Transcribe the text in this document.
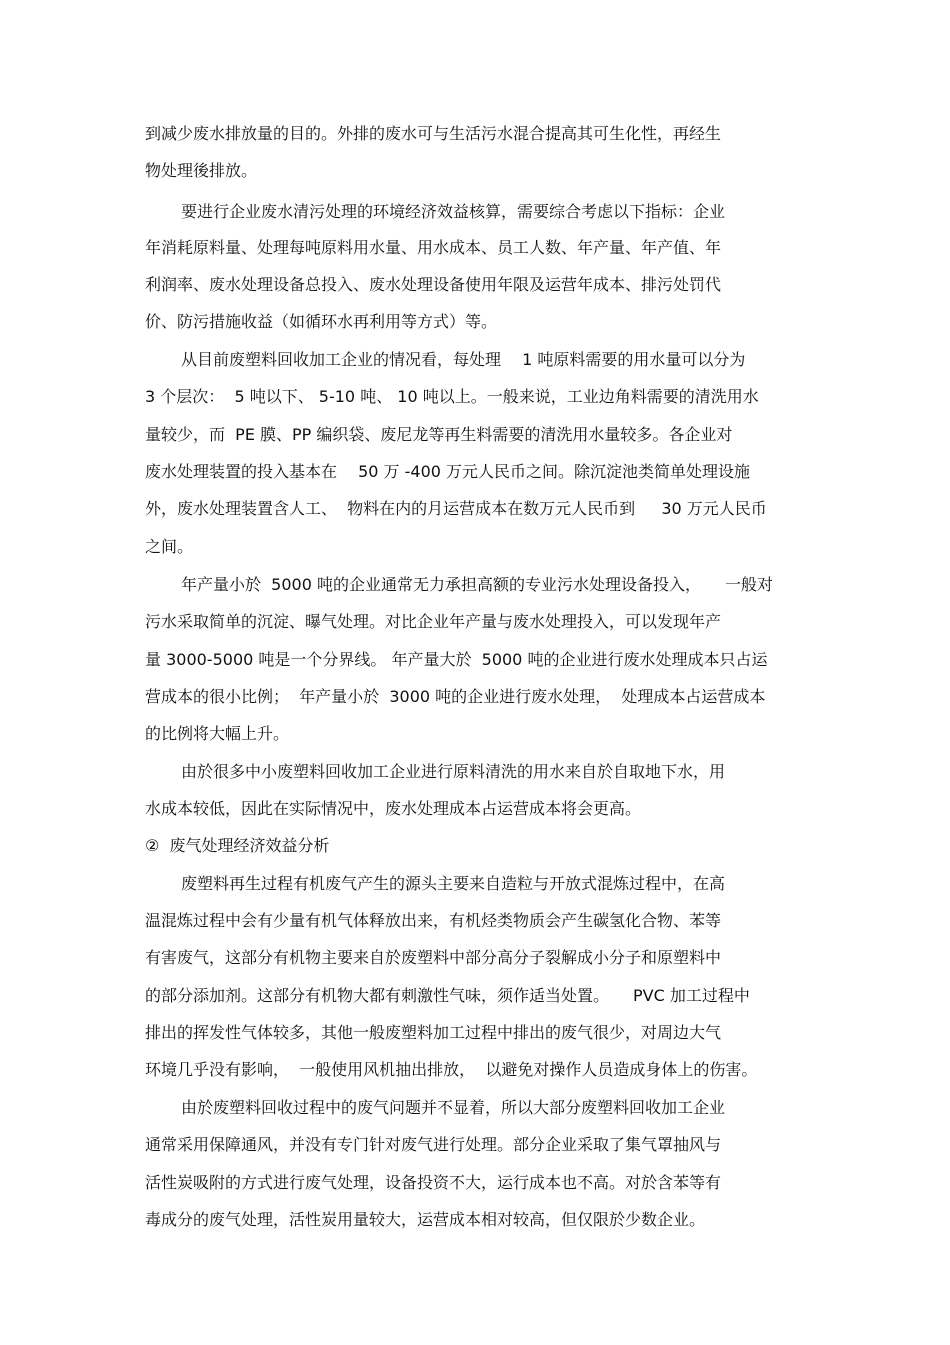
到减少废水排放量的目的。外排的废水可与生活污水混合提高其可生化性，再经生
物处理後排放。
要进行企业废水清污处理的环境经济效益核算，需要综合考虑以下指标：企业
年消耗原料量、处理每吨原料用水量、用水成本、员工人数、年产量、年产值、年
利润率、废水处理设备总投入、废水处理设备使用年限及运营年成本、排污处罚代
价、防污措施收益（如循环水再利用等方式）等。
从目前废塑料回收加工企业的情况看，每处理　 1 吨原料需要的用水量可以分为
3 个层次：  5 吨以下、 5-10 吨、 10 吨以上。一般来说，工业边角料需要的清洗用水
量较少，而  PE 膜、PP 编织袋、废尼龙等再生料需要的清洗用水量较多。各企业对
废水处理装置的投入基本在　 50 万 -400 万元人民币之间。除沉淀池类简单处理设施
外，废水处理装置含人工、  物料在内的月运营成本在数万元人民币到　  30 万元人民币
之间。
年产量小於  5000 吨的企业通常无力承担高额的专业污水处理设备投入，　　一般对
污水采取简单的沉淀、曝气处理。对比企业年产量与废水处理投入，可以发现年产
量 3000-5000 吨是一个分界线。 年产量大於  5000 吨的企业进行废水处理成本只占运
营成本的很小比例；  年产量小於  3000 吨的企业进行废水处理，  处理成本占运营成本
的比例将大幅上升。
由於很多中小废塑料回收加工企业进行原料清洗的用水来自於自取地下水，用
水成本较低，因此在实际情况中，废水处理成本占运营成本将会更高。
②  废气处理经济效益分析
废塑料再生过程有机废气产生的源头主要来自造粒与开放式混炼过程中，在高
温混炼过程中会有少量有机气体释放出来，有机烃类物质会产生碳氢化合物、苯等
有害废气，这部分有机物主要来自於废塑料中部分高分子裂解成小分子和原塑料中
的部分添加剂。这部分有机物大都有刺激性气味，须作适当处置。　　PVC 加工过程中
排出的挥发性气体较多，其他一般废塑料加工过程中排出的废气很少，对周边大气
环境几乎没有影响，  一般使用风机抽出排放，  以避免对操作人员造成身体上的伤害。
由於废塑料回收过程中的废气问题并不显着，所以大部分废塑料回收加工企业
通常采用保障通风，并没有专门针对废气进行处理。部分企业采取了集气罩抽风与
活性炭吸附的方式进行废气处理，设备投资不大，运行成本也不高。对於含苯等有
毒成分的废气处理，活性炭用量较大，运营成本相对较高，但仅限於少数企业。
